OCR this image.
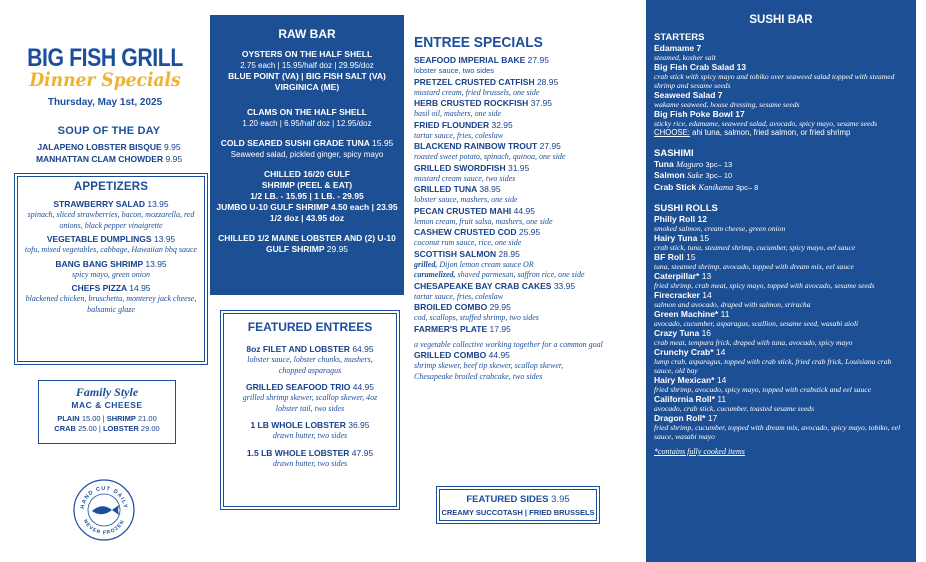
BIG FISH GRILL
Dinner Specials
Thursday, May 1st, 2025
SOUP OF THE DAY
JALAPENO LOBSTER BISQUE 9.95
MANHATTAN CLAM CHOWDER 9.95
APPETIZERS
STRAWBERRY SALAD 13.95
spinach, sliced strawberries, bacon, mozzarella, red onions, black pepper vinaigrette
VEGETABLE DUMPLINGS 13.95
tofu, mixed vegetables, cabbage, Hawaiian bbq sauce
BANG BANG SHRIMP 13.95
spicy mayo, green onion
CHEFS PIZZA 14.95
blackened chicken, bruschetta, monterey jack cheese, balsamic glaze
Family Style
MAC & CHEESE
PLAIN 15.00 | SHRIMP 21.00
CRAB 25.00 | LOBSTER 29.00
HAND CUT DAILY
NEVER FROZEN
RAW BAR
OYSTERS ON THE HALF SHELL
2.75 each | 15.95/half doz | 29.95/doz
BLUE POINT (VA) | BIG FISH SALT (VA) VIRGINICA (ME)
CLAMS ON THE HALF SHELL
1.20 each | 6.95/half doz | 12.95/doz
COLD SEARED SUSHI GRADE TUNA 15.95
Seaweed salad, pickled ginger, spicy mayo
CHILLED 16/20 GULF SHRIMP (PEEL & EAT)
1/2 LB. - 15.95 | 1 LB. - 29.95
JUMBO U-10 GULF SHRIMP 4.50 each | 23.95 1/2 doz | 43.95 doz
CHILLED 1/2 MAINE LOBSTER AND (2) U-10 GULF SHRIMP 29.95
FEATURED ENTREES
8oz FILET AND LOBSTER 64.95
lobster sauce, lobster chunks, mashers, chopped asparagus
GRILLED SEAFOOD TRIO 44.95
grilled shrimp skewer, scallop skewer, 4oz lobster tail, two sides
1 LB WHOLE LOBSTER 36.95
drawn butter, two sides
1.5 LB WHOLE LOBSTER 47.95
drawn butter, two sides
ENTREE SPECIALS
SEAFOOD IMPERIAL BAKE 27.95
lobster sauce, two sides
PRETZEL CRUSTED CATFISH 28.95
mustard cream, fried brussels, one side
HERB CRUSTED ROCKFISH 37.95
basil oil, mashers, one side
FRIED FLOUNDER 32.95
tartar sauce, fries, coleslaw
BLACKEND RAINBOW TROUT 27.95
roasted sweet potato, spinach, quinoa, one side
GRILLED SWORDFISH 31.95
mustard cream sauce, two sides
GRILLED TUNA 38.95
lobster sauce, mashers, one side
PECAN CRUSTED MAHI 44.95
lemon cream, fruit salsa, mashers, one side
CASHEW CRUSTED COD 25.95
coconut rum sauce, rice, one side
SCOTTISH SALMON 28.95
grilled, Dijon lemon cream sauce OR
caramelized, shaved parmesan, saffron rice, one side
CHESAPEAKE BAY CRAB CAKES 33.95
tartar sauce, fries, coleslaw
BROILED COMBO 29.95
cod, scallops, stuffed shrimp, two sides
FARMER'S PLATE 17.95
a vegetable collective working together for a common goal
GRILLED COMBO 44.95
shrimp skewer, beef tip skewer, scallop skewer, Chesapeake broiled crabcake, two sides
FEATURED SIDES 3.95
CREAMY SUCCOTASH | FRIED BRUSSELS
SUSHI BAR
STARTERS
Edamame 7
steamed, kosher salt
Big Fish Crab Salad 13
crab stick with spicy mayo and tobiko over seaweed salad topped with steamed shrimp and sesame seeds
Seaweed Salad 7
wakame seaweed, house dressing, sesame seeds
Big Fish Poke Bowl 17
sticky rice, edamame, seaweed salad, avocado, spicy mayo, sesame seeds
CHOOSE: ahi tuna, salmon, fried salmon, or fried shrimp
SASHIMI
Tuna Maguro 3pc– 13
Salmon Sake 3pc– 10
Crab Stick Kanikama 3pc– 8
SUSHI ROLLS
Philly Roll 12
smoked salmon, cream cheese, green onion
Hairy Tuna 15
crab stick, tuna, steamed shrimp, cucumber, spicy mayo, eel sauce
BF Roll 15
tuna, steamed shrimp, avocado, topped with dream mix, eel sauce
Caterpillar* 13
fried shrimp, crab meat, spicy mayo, topped with avocado, sesame seeds
Firecracker 14
salmon and avocado, draped with salmon, sriracha
Green Machine* 11
avocado, cucumber, asparagus, scallion, sesame seed, wasabi aioli
Crazy Tuna 16
crab meat, tempura frick, draped with tuna, avocado, spicy mayo
Crunchy Crab* 14
lump crab, asparagus, topped with crab stick, fried crab frick, Louisiana crab sauce, old bay
Hairy Mexican* 14
fried shrimp, avocado, spicy mayo, topped with crabstick and eel sauce
California Roll* 11
avocado, crab stick, cucumber, toasted sesame seeds
Dragon Roll* 17
fried shrimp, cucumber, topped with dream mix, avocado, spicy mayo, tobiko, eel sauce, wasabi mayo
*contains fully cooked items
